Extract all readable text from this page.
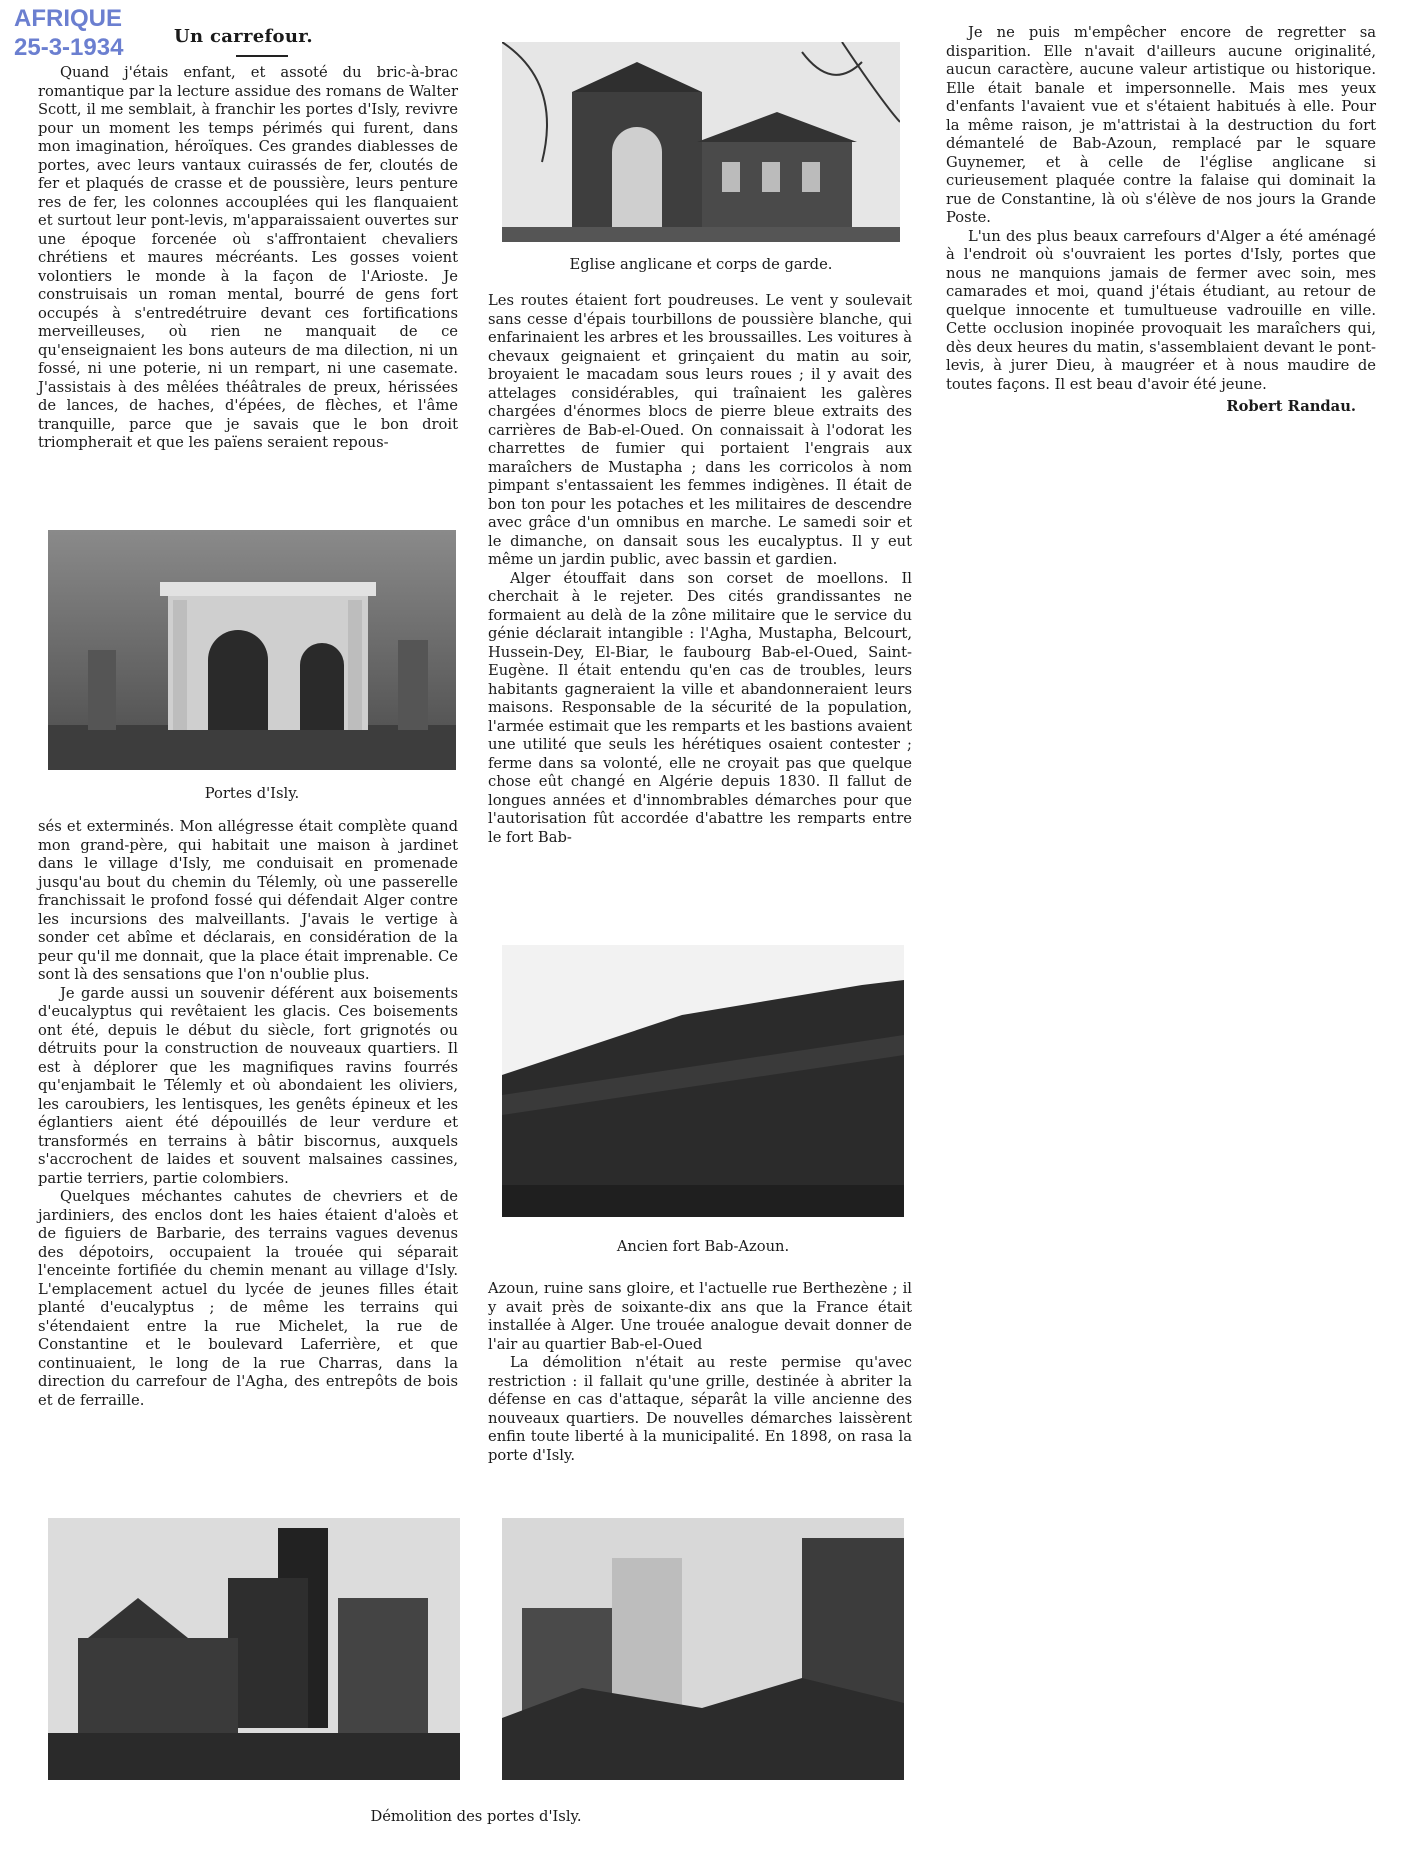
AFRIQUE
25-3-1934	Un carrefour.

Quand j'étais enfant, et assoté du bric-à-brac romantique par la lecture assidue des romans de Walter Scott, il me semblait, à franchir les portes d'Isly, revivre pour un moment les temps périmés qui furent, dans mon imagination, héroïques. Ces grandes diablesses de portes, avec leurs vantaux cuirassés de fer, cloutés de fer et plaqués de crasse et de poussière, leurs penture res de fer, les colonnes accouplées qui les flanquaient et surtout leur pont-levis, m'apparaissaient ouvertes sur une époque forcenée où s'affrontaient chevaliers chrétiens et maures mécréants. Les gosses voient volontiers le monde à la façon de l'Arioste. Je construisais un roman mental, bourré de gens fort occupés à s'entredétruire devant ces fortifications merveilleuses, où rien ne manquait de ce qu'enseignaient les bons auteurs de ma dilection, ni un fossé, ni une poterie, ni un rempart, ni une casemate. J'assistais à des mêlées théâtrales de preux, hérissées de lances, de haches, d'épées, de flèches, et l'âme tranquille, parce que je savais que le bon droit triompherait et que les païens seraient repous-

Portes d'Isly.

sés et exterminés. Mon allégresse était complète quand mon grand-père, qui habitait une maison à jardinet dans le village d'Isly, me conduisait en promenade jusqu'au bout du chemin du Télemly, où une passerelle franchissait le profond fossé qui défendait Alger contre les incursions des malveillants. J'avais le vertige à sonder cet abîme et déclarais, en considération de la peur qu'il me donnait, que la place était imprenable. Ce sont là des sensations que l'on n'oublie plus.

Je garde aussi un souvenir déférent aux boisements d'eucalyptus qui revêtaient les glacis. Ces boisements ont été, depuis le début du siècle, fort grignotés ou détruits pour la construction de nouveaux quartiers. Il est à déplorer que les magnifiques ravins fourrés qu'enjambait le Télemly et où abondaient les oliviers, les caroubiers, les lentisques, les genêts épineux et les églantiers aient été dépouillés de leur verdure et transformés en terrains à bâtir biscornus, auxquels s'accrochent de laides et souvent malsaines cassines, partie terriers, partie colombiers.

Quelques méchantes cahutes de chevriers et de jardiniers, des enclos dont les haies étaient d'aloès et de figuiers de Barbarie, des terrains vagues devenus des dépotoirs, occupaient la trouée qui séparait l'enceinte fortifiée du chemin menant au village d'Isly. L'emplacement actuel du lycée de jeunes filles était planté d'eucalyptus ; de même les terrains qui s'étendaient entre la rue Michelet, la rue de Constantine et le boulevard Laferrière, et que continuaient, le long de la rue Charras, dans la direction du carrefour de l'Agha, des entrepôts de bois et de ferraille.

Eglise anglicane et corps de garde.

Les routes étaient fort poudreuses. Le vent y soulevait sans cesse d'épais tourbillons de poussière blanche, qui enfarinaient les arbres et les broussailles. Les voitures à chevaux geignaient et grinçaient du matin au soir, broyaient le macadam sous leurs roues ; il y avait des attelages considérables, qui traînaient les galères chargées d'énormes blocs de pierre bleue extraits des carrières de Bab-el-Oued. On connaissait à l'odorat les charrettes de fumier qui portaient l'engrais aux maraîchers de Mustapha ; dans les corricolos à nom pimpant s'entassaient les femmes indigènes. Il était de bon ton pour les potaches et les militaires de descendre avec grâce d'un omnibus en marche. Le samedi soir et le dimanche, on dansait sous les eucalyptus. Il y eut même un jardin public, avec bassin et gardien.

Alger étouffait dans son corset de moellons. Il cherchait à le rejeter. Des cités grandissantes ne formaient au delà de la zône militaire que le service du génie déclarait intangible : l'Agha, Mustapha, Belcourt, Hussein-Dey, El-Biar, le faubourg Bab-el-Oued, Saint-Eugène. Il était entendu qu'en cas de troubles, leurs habitants gagneraient la ville et abandonneraient leurs maisons. Responsable de la sécurité de la population, l'armée estimait que les remparts et les bastions avaient une utilité que seuls les hérétiques osaient contester ; ferme dans sa volonté, elle ne croyait pas que quelque chose eût changé en Algérie depuis 1830. Il fallut de longues années et d'innombrables démarches pour que l'autorisation fût accordée d'abattre les remparts entre le fort Bab-

Ancien fort Bab-Azoun.

Azoun, ruine sans gloire, et l'actuelle rue Berthezène ; il y avait près de soixante-dix ans que la France était installée à Alger. Une trouée analogue devait donner de l'air au quartier Bab-el-Oued

La démolition n'était au reste permise qu'avec restriction : il fallait qu'une grille, destinée à abriter la défense en cas d'attaque, séparât la ville ancienne des nouveaux quartiers. De nouvelles démarches laissèrent enfin toute liberté à la municipalité. En 1898, on rasa la porte d'Isly.

Je ne puis m'empêcher encore de regretter sa disparition. Elle n'avait d'ailleurs aucune originalité, aucun caractère, aucune valeur artistique ou historique. Elle était banale et impersonnelle. Mais mes yeux d'enfants l'avaient vue et s'étaient habitués à elle. Pour la même raison, je m'attristai à la destruction du fort démantelé de Bab-Azoun, remplacé par le square Guynemer, et à celle de l'église anglicane si curieusement plaquée contre la falaise qui dominait la rue de Constantine, là où s'élève de nos jours la Grande Poste.

L'un des plus beaux carrefours d'Alger a été aménagé à l'endroit où s'ouvraient les portes d'Isly, portes que nous ne manquions jamais de fermer avec soin, mes camarades et moi, quand j'étais étudiant, au retour de quelque innocente et tumultueuse vadrouille en ville. Cette occlusion inopinée provoquait les maraîchers qui, dès deux heures du matin, s'assemblaient devant le pont-levis, à jurer Dieu, à maugréer et à nous maudire de toutes façons. Il est beau d'avoir été jeune.

Robert Randau.

Démolition des portes d'Isly.
